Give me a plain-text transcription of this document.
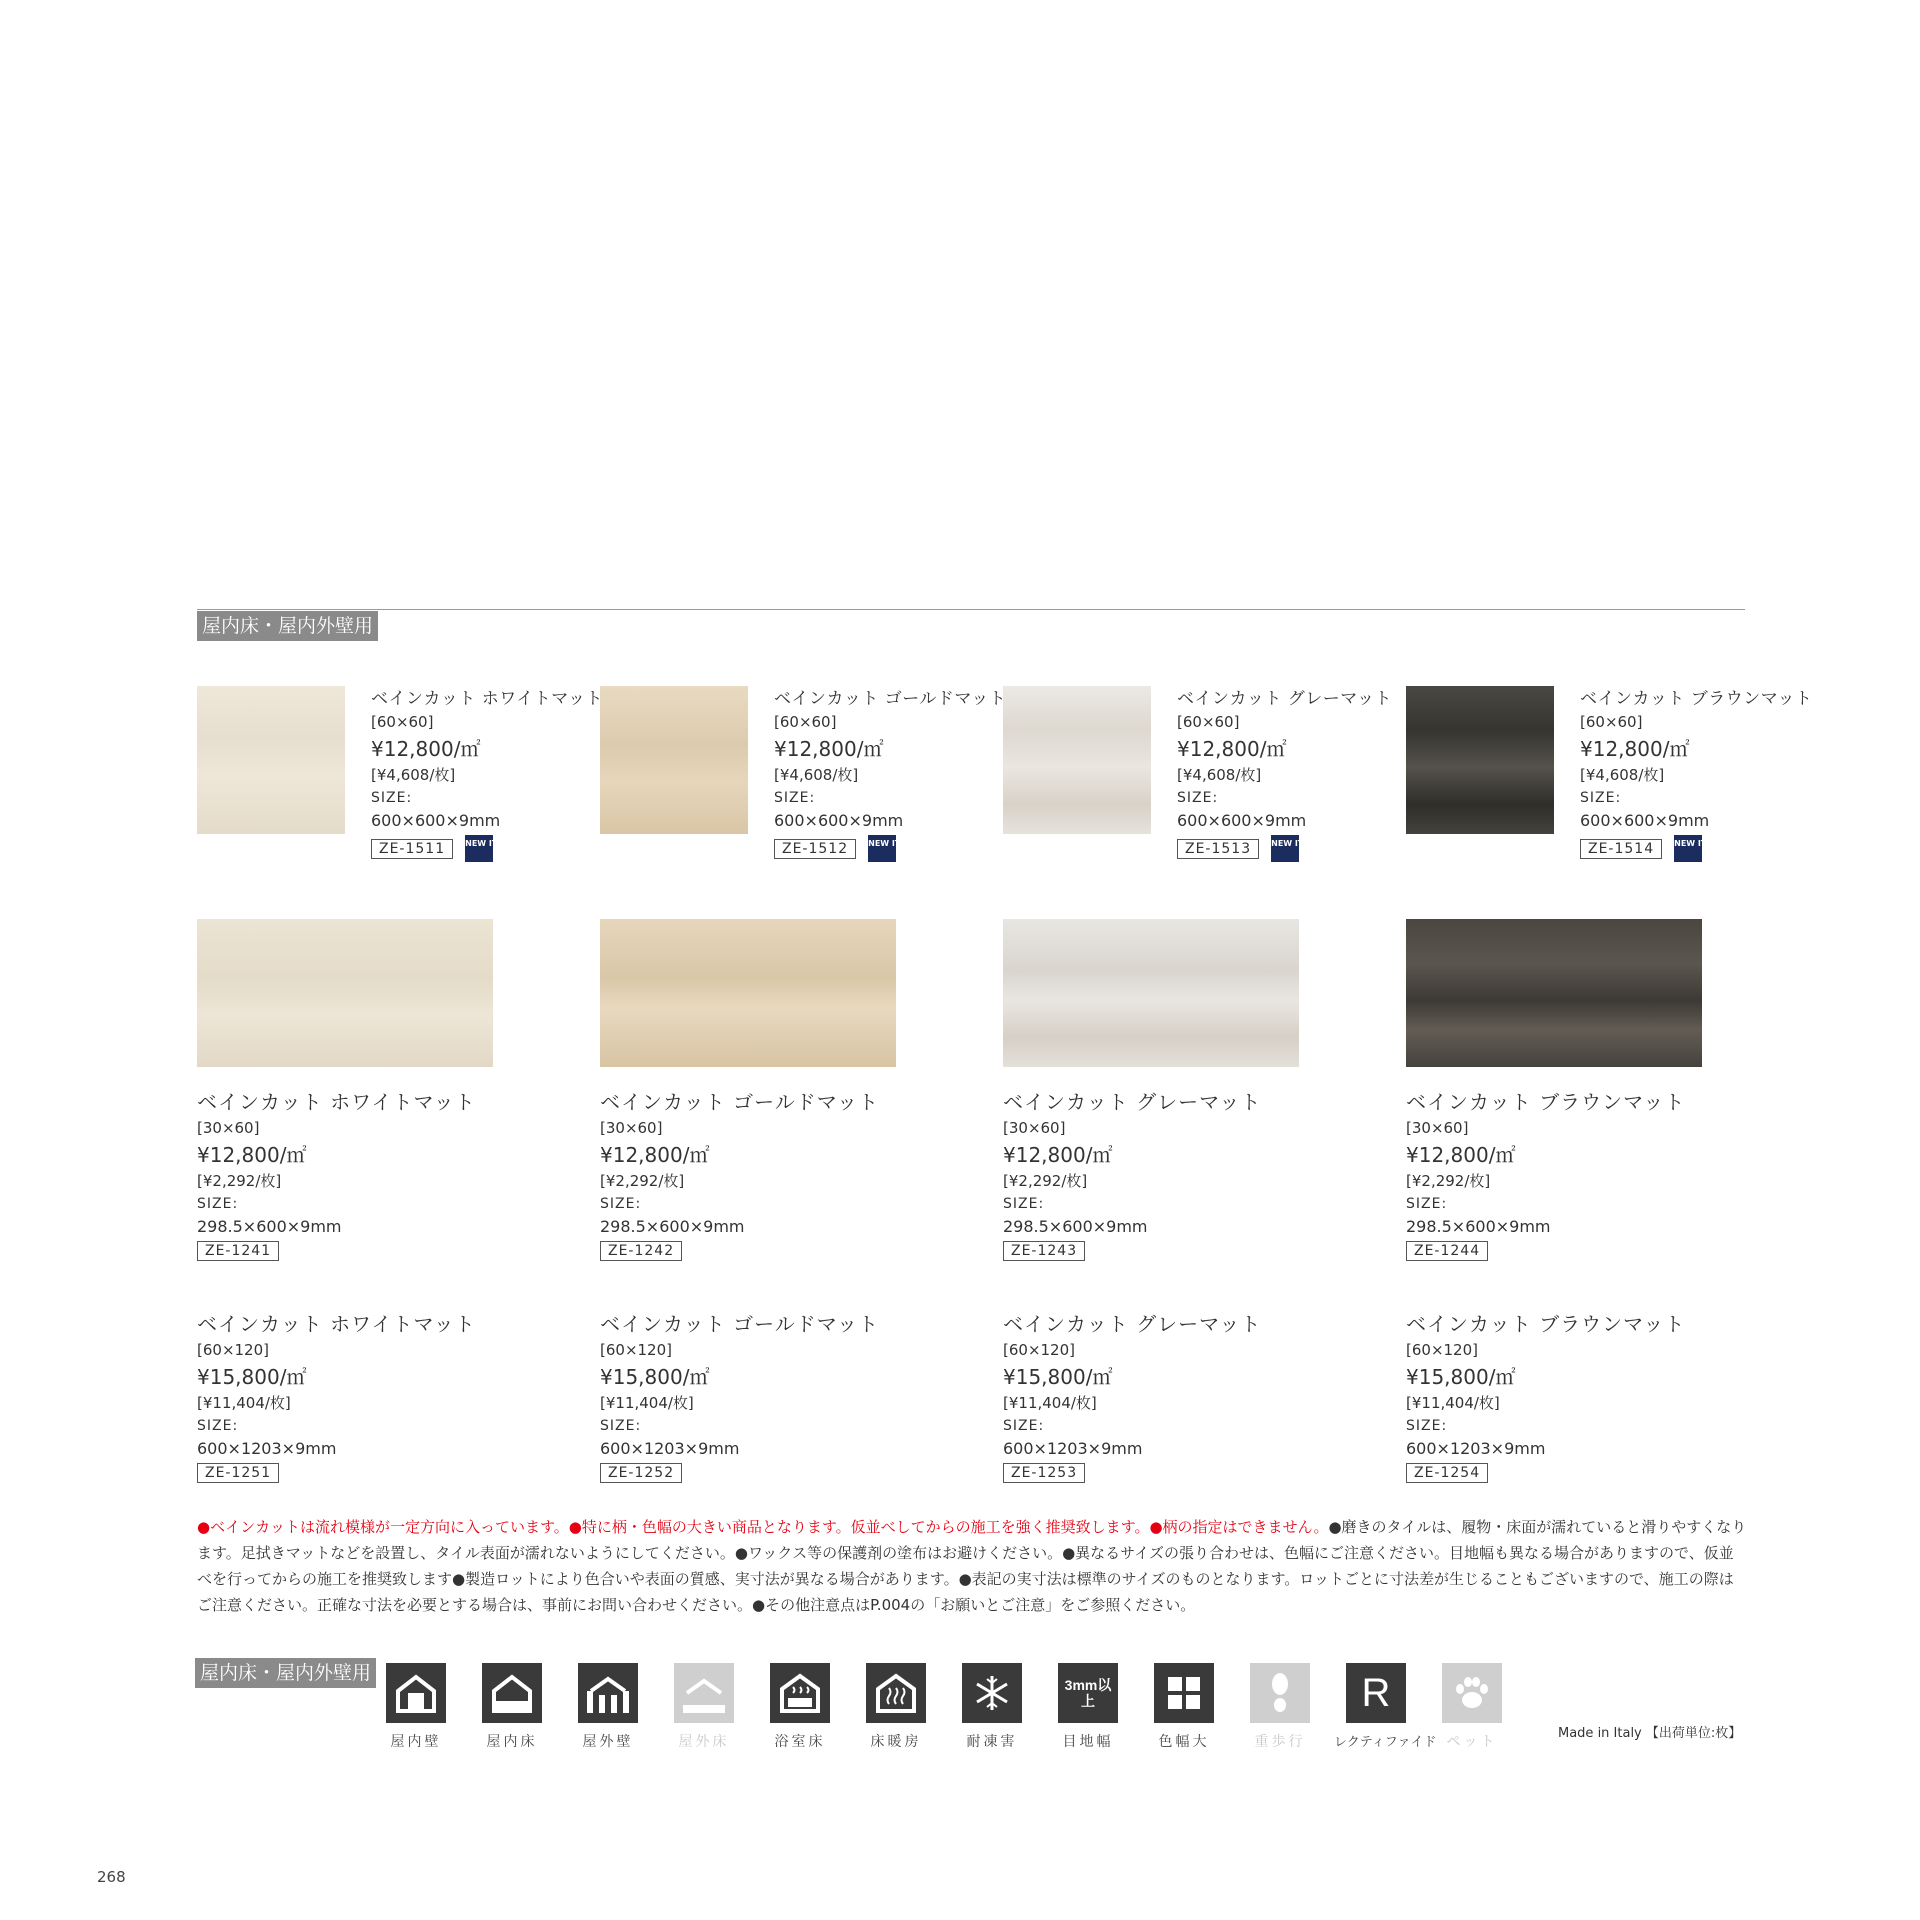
屋内床・屋内外壁用
ベインカット ホワイトマット
[60×60]
¥12,800/㎡
[¥4,608/枚]
SIZE:
600×600×9mm
ZE-1511	NEW ITEM
ベインカット ゴールドマット
[60×60]
¥12,800/㎡
[¥4,608/枚]
SIZE:
600×600×9mm
ZE-1512	NEW ITEM
ベインカット グレーマット
[60×60]
¥12,800/㎡
[¥4,608/枚]
SIZE:
600×600×9mm
ZE-1513	NEW ITEM
ベインカット ブラウンマット
[60×60]
¥12,800/㎡
[¥4,608/枚]
SIZE:
600×600×9mm
ZE-1514	NEW ITEM
ベインカット ホワイトマット
[30×60]
¥12,800/㎡
[¥2,292/枚]
SIZE:
298.5×600×9mm
ZE-1241
ベインカット ゴールドマット
[30×60]
¥12,800/㎡
[¥2,292/枚]
SIZE:
298.5×600×9mm
ZE-1242
ベインカット グレーマット
[30×60]
¥12,800/㎡
[¥2,292/枚]
SIZE:
298.5×600×9mm
ZE-1243
ベインカット ブラウンマット
[30×60]
¥12,800/㎡
[¥2,292/枚]
SIZE:
298.5×600×9mm
ZE-1244
ベインカット ホワイトマット
[60×120]
¥15,800/㎡
[¥11,404/枚]
SIZE:
600×1203×9mm
ZE-1251
ベインカット ゴールドマット
[60×120]
¥15,800/㎡
[¥11,404/枚]
SIZE:
600×1203×9mm
ZE-1252
ベインカット グレーマット
[60×120]
¥15,800/㎡
[¥11,404/枚]
SIZE:
600×1203×9mm
ZE-1253
ベインカット ブラウンマット
[60×120]
¥15,800/㎡
[¥11,404/枚]
SIZE:
600×1203×9mm
ZE-1254
●ベインカットは流れ模様が一定方向に入っています。●特に柄・色幅の大きい商品となります。仮並べしてからの施工を強く推奨致します。●柄の指定はできません。●磨きのタイルは、履物・床面が濡れていると滑りやすくなります。足拭きマットなどを設置し、タイル表面が濡れないようにしてください。●ワックス等の保護剤の塗布はお避けください。●異なるサイズの張り合わせは、色幅にご注意ください。目地幅も異なる場合がありますので、仮並べを行ってからの施工を推奨致します●製造ロットにより色合いや表面の質感、実寸法が異なる場合があります。●表記の実寸法は標準のサイズのものとなります。ロットごとに寸法差が生じることもございますので、施工の際はご注意ください。正確な寸法を必要とする場合は、事前にお問い合わせください。●その他注意点はP.004の「お願いとご注意」をご参照ください。
屋内床・屋内外壁用
屋内壁	屋内床	屋外壁	屋外床	浴室床	床暖房	耐凍害
3mm以上
目地幅	色幅大	重歩行
R
レクティファイド ペット
Made in Italy 【出荷単位:枚】
268
